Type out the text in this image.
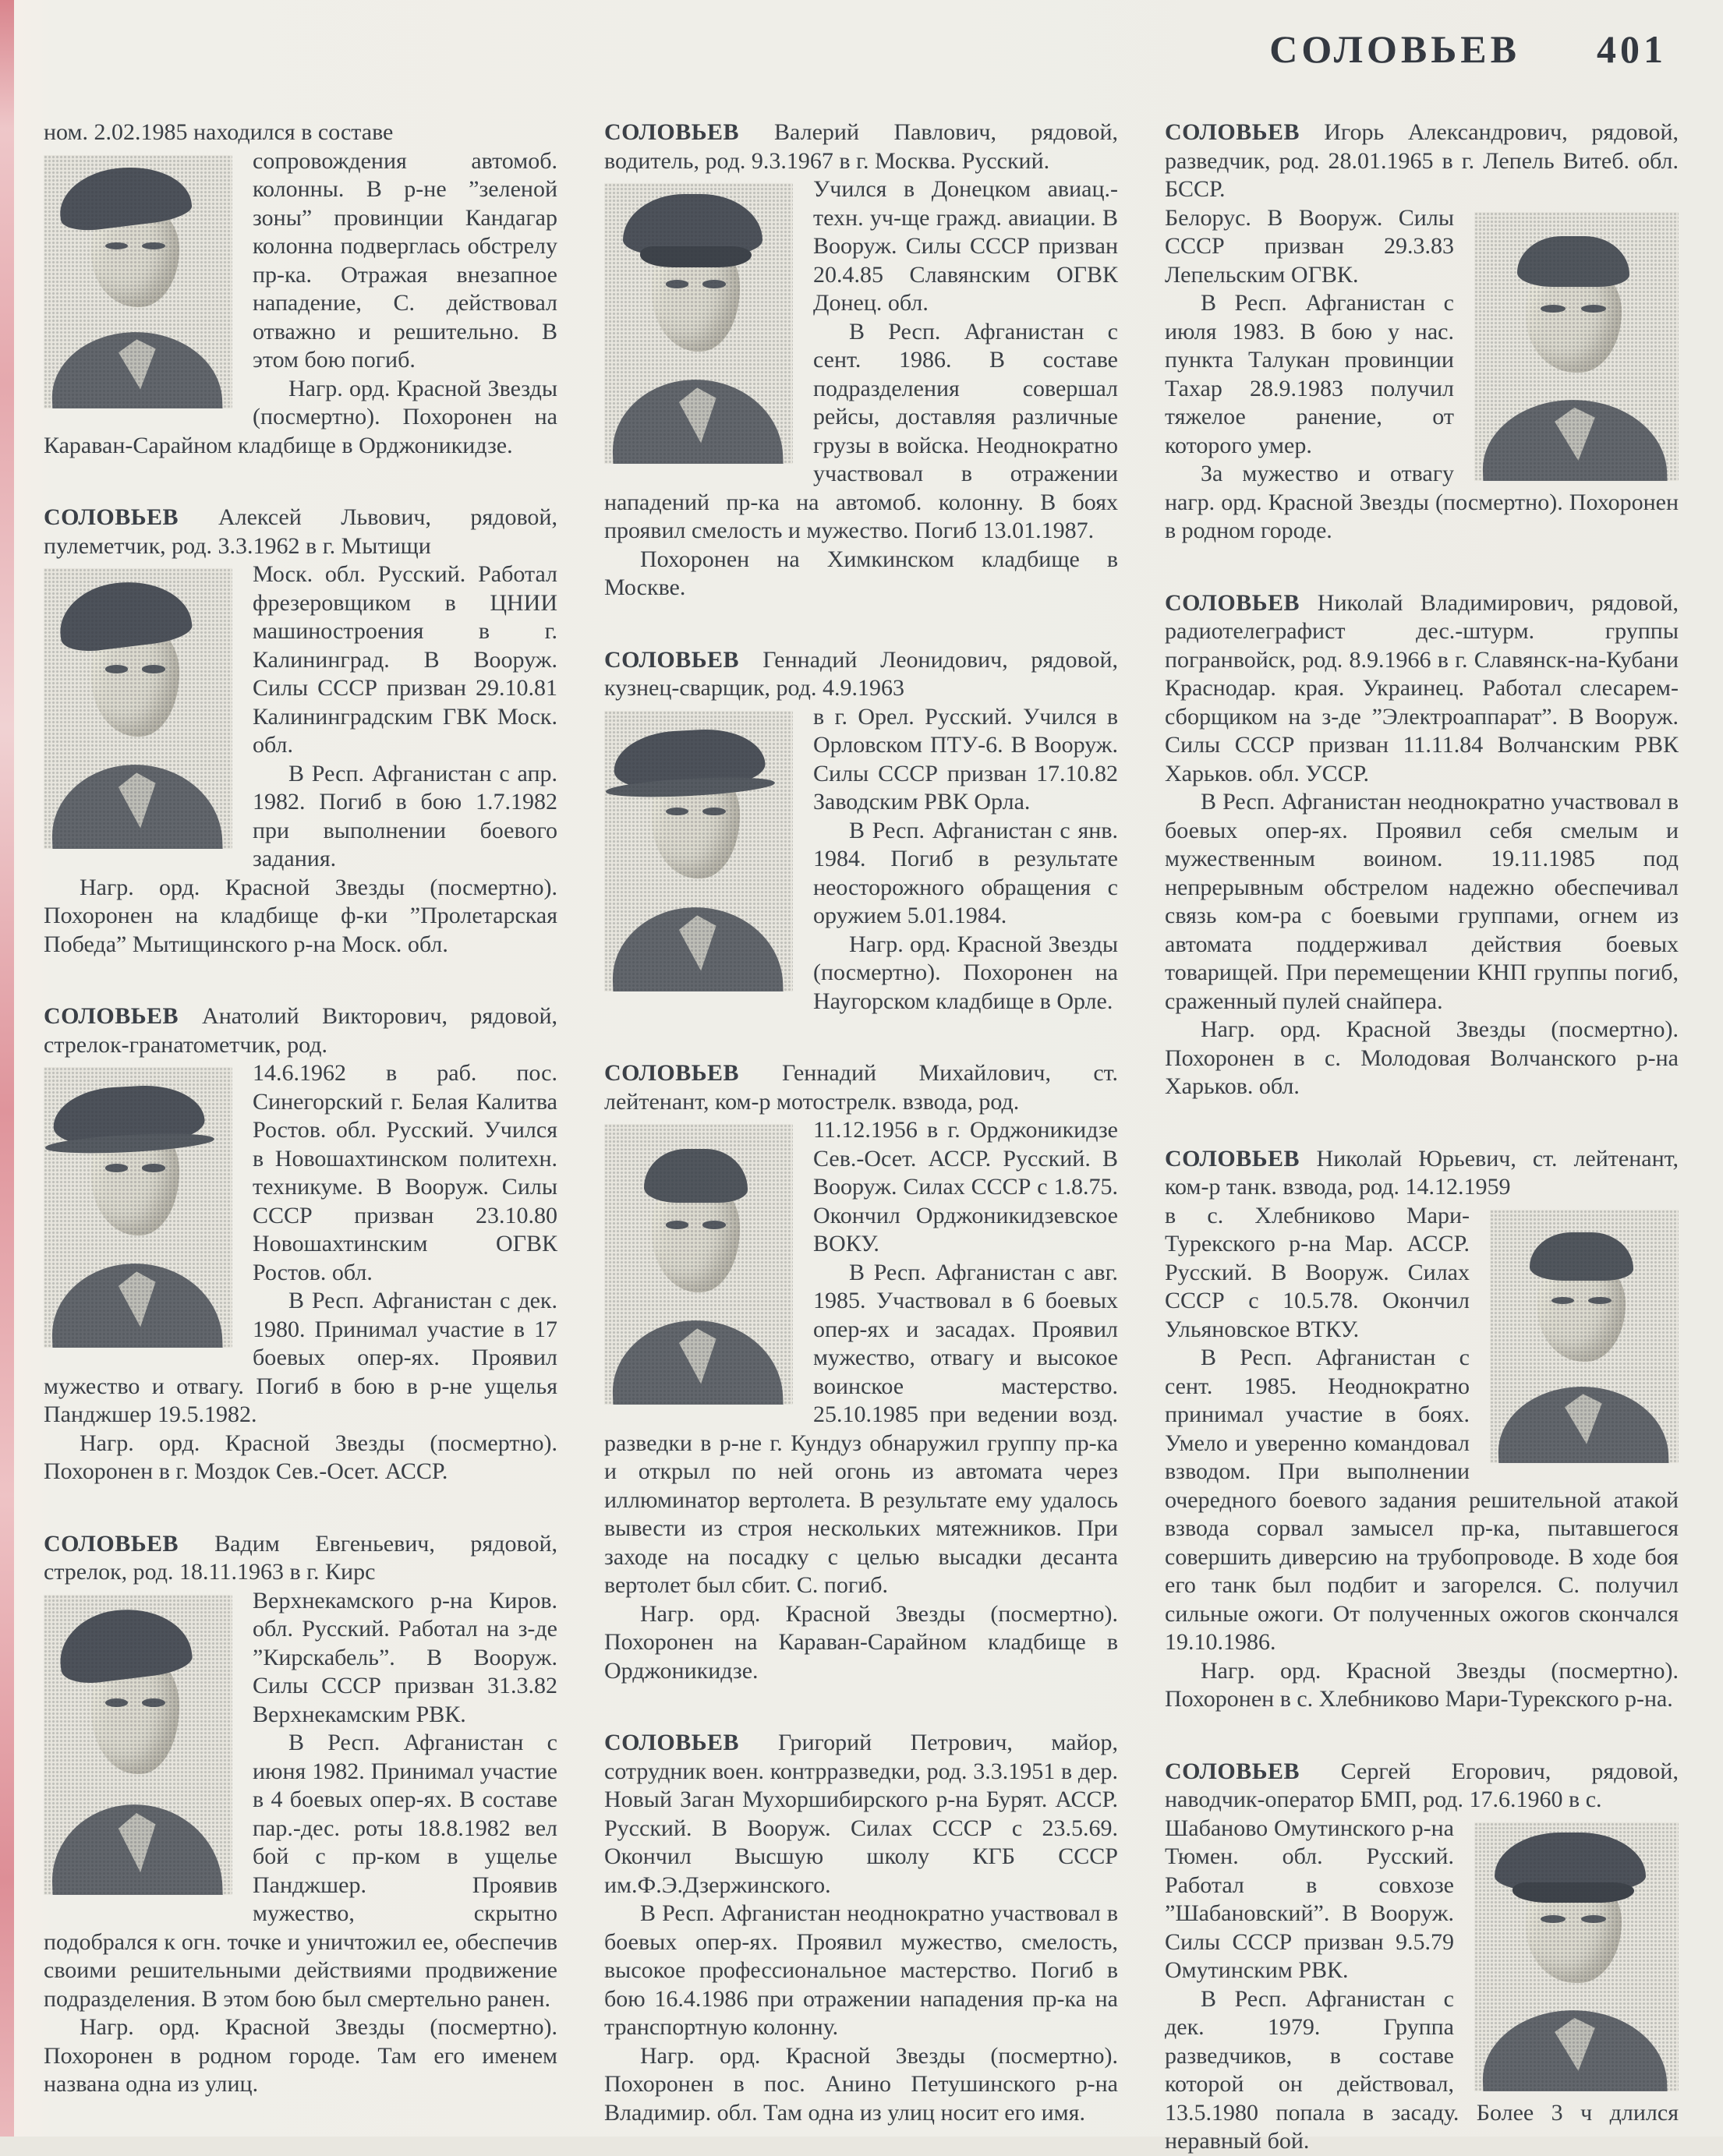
СОЛОВЬЕВ 401

ном. 2.02.1985 находился в составе

сопровождения автомоб. колонны. В р-не ”зеленой зоны” провинции Кандагар колонна подверглась обстрелу пр-ка. Отражая внезапное нападение, С. действовал отважно и решительно. В этом бою погиб.

Нагр. орд. Красной Звезды (посмертно). Похоронен на Караван-Сарайном кладбище в Орджоникидзе.

СОЛОВЬЕВ Алексей Львович, рядовой, пулеметчик, род. 3.3.1962 в г. Мытищи

Моск. обл. Русский. Работал фрезеровщиком в ЦНИИ машиностроения в г. Калининград. В Вооруж. Силы СССР призван 29.10.81 Калининградским ГВК Моск. обл.

В Респ. Афганистан с апр. 1982. Погиб в бою 1.7.1982 при выполнении боевого задания.

Нагр. орд. Красной Звезды (посмертно). Похоронен на кладбище ф-ки ”Пролетарская Победа” Мытищинского р-на Моск. обл.

СОЛОВЬЕВ Анатолий Викторович, рядовой, стрелок-гранатометчик, род.

14.6.1962 в раб. пос. Синегорский г. Белая Калитва Ростов. обл. Русский. Учился в Новошахтинском политехн. техникуме. В Вооруж. Силы СССР призван 23.10.80 Новошахтинским ОГВК Ростов. обл.

В Респ. Афганистан с дек. 1980. Принимал участие в 17 боевых опер-ях. Проявил мужество и отвагу. Погиб в бою в р-не ущелья Панджшер 19.5.1982.

Нагр. орд. Красной Звезды (посмертно). Похоронен в г. Моздок Сев.-Осет. АССР.

СОЛОВЬЕВ Вадим Евгеньевич, рядовой, стрелок, род. 18.11.1963 в г. Кирс

Верхнекамского р-на Киров. обл. Русский. Работал на з-де ”Кирскабель”. В Вооруж. Силы СССР призван 31.3.82 Верхнекамским РВК.

В Респ. Афганистан с июня 1982. Принимал участие в 4 боевых опер-ях. В составе пар.-дес. роты 18.8.1982 вел бой с пр-ком в ущелье Панджшер. Проявив мужество, скрытно подобрался к огн. точке и уничтожил ее, обеспечив своими решительными действиями продвижение подразделения. В этом бою был смертельно ранен.

Нагр. орд. Красной Звезды (посмертно). Похоронен в родном городе. Там его именем названа одна из улиц.

СОЛОВЬЕВ Валерий Павлович, рядовой, водитель, род. 9.3.1967 в г. Москва. Русский.

Учился в Донецком авиац.-техн. уч-ще гражд. авиации. В Вооруж. Силы СССР призван 20.4.85 Славянским ОГВК Донец. обл.

В Респ. Афганистан с сент. 1986. В составе подразделения совершал рейсы, доставляя различные грузы в войска. Неоднократно участвовал в отражении нападений пр-ка на автомоб. колонну. В боях проявил смелость и мужество. Погиб 13.01.1987.

Похоронен на Химкинском кладбище в Москве.

СОЛОВЬЕВ Геннадий Леонидович, рядовой, кузнец-сварщик, род. 4.9.1963

в г. Орел. Русский. Учился в Орловском ПТУ-6. В Вооруж. Силы СССР призван 17.10.82 Заводским РВК Орла.

В Респ. Афганистан с янв. 1984. Погиб в результате неосторожного обращения с оружием 5.01.1984.

Нагр. орд. Красной Звезды (посмертно). Похоронен на Наугорском кладбище в Орле.

СОЛОВЬЕВ Геннадий Михайлович, ст. лейтенант, ком-р мотострелк. взвода, род.

11.12.1956 в г. Орджоникидзе Сев.-Осет. АССР. Русский. В Вооруж. Силах СССР с 1.8.75. Окончил Орджоникидзевское ВОКУ.

В Респ. Афганистан с авг. 1985. Участвовал в 6 боевых опер-ях и засадах. Проявил мужество, отвагу и высокое воинское мастерство. 25.10.1985 при ведении возд. разведки в р-не г. Кундуз обнаружил группу пр-ка и открыл по ней огонь из автомата через иллюминатор вертолета. В результате ему удалось вывести из строя нескольких мятежников. При заходе на посадку с целью высадки десанта вертолет был сбит. С. погиб.

Нагр. орд. Красной Звезды (посмертно). Похоронен на Караван-Сарайном кладбище в Орджоникидзе.

СОЛОВЬЕВ Григорий Петрович, майор, сотрудник воен. контрразведки, род. 3.3.1951 в дер. Новый Заган Мухоршибирского р-на Бурят. АССР. Русский. В Вооруж. Силах СССР с 23.5.69. Окончил Высшую школу КГБ СССР им.Ф.Э.Дзержинского.

В Респ. Афганистан неоднократно участвовал в боевых опер-ях. Проявил мужество, смелость, высокое профессиональное мастерство. Погиб в бою 16.4.1986 при отражении нападения пр-ка на транспортную колонну.

Нагр. орд. Красной Звезды (посмертно). Похоронен в пос. Анино Петушинского р-на Владимир. обл. Там одна из улиц носит его имя.

СОЛОВЬЕВ Игорь Александрович, рядовой, разведчик, род. 28.01.1965 в г. Лепель Витеб. обл. БССР.

Белорус. В Вооруж. Силы СССР призван 29.3.83 Лепельским ОГВК.

В Респ. Афганистан с июля 1983. В бою у нас. пункта Талукан провинции Тахар 28.9.1983 получил тяжелое ранение, от которого умер.

За мужество и отвагу нагр. орд. Красной Звезды (посмертно). Похоронен в родном городе.

СОЛОВЬЕВ Николай Владимирович, рядовой, радиотелеграфист дес.-штурм. группы погранвойск, род. 8.9.1966 в г. Славянск-на-Кубани Краснодар. края. Украинец. Работал слесарем-сборщиком на з-де ”Электроаппарат”. В Вооруж. Силы СССР призван 11.11.84 Волчанским РВК Харьков. обл. УССР.

В Респ. Афганистан неоднократно участвовал в боевых опер-ях. Проявил себя смелым и мужественным воином. 19.11.1985 под непрерывным обстрелом надежно обеспечивал связь ком-ра с боевыми группами, огнем из автомата поддерживал действия боевых товарищей. При перемещении КНП группы погиб, сраженный пулей снайпера.

Нагр. орд. Красной Звезды (посмертно). Похоронен в с. Молодовая Волчанского р-на Харьков. обл.

СОЛОВЬЕВ Николай Юрьевич, ст. лейтенант, ком-р танк. взвода, род. 14.12.1959

в с. Хлебниково Мари-Турекского р-на Мар. АССР. Русский. В Вооруж. Силах СССР с 10.5.78. Окончил Ульяновское ВТКУ.

В Респ. Афганистан с сент. 1985. Неоднократно принимал участие в боях. Умело и уверенно командовал взводом. При выполнении очередного боевого задания решительной атакой взвода сорвал замысел пр-ка, пытавшегося совершить диверсию на трубопроводе. В ходе боя его танк был подбит и загорелся. С. получил сильные ожоги. От полученных ожогов скончался 19.10.1986.

Нагр. орд. Красной Звезды (посмертно). Похоронен в с. Хлебниково Мари-Турекского р-на.

СОЛОВЬЕВ Сергей Егорович, рядовой, наводчик-оператор БМП, род. 17.6.1960 в с.

Шабаново Омутинского р-на Тюмен. обл. Русский. Работал в совхозе ”Шабановский”. В Вооруж. Силы СССР призван 9.5.79 Омутинским РВК.

В Респ. Афганистан с дек. 1979. Группа разведчиков, в составе которой он действовал, 13.5.1980 попала в засаду. Более 3 ч длился неравный бой.
